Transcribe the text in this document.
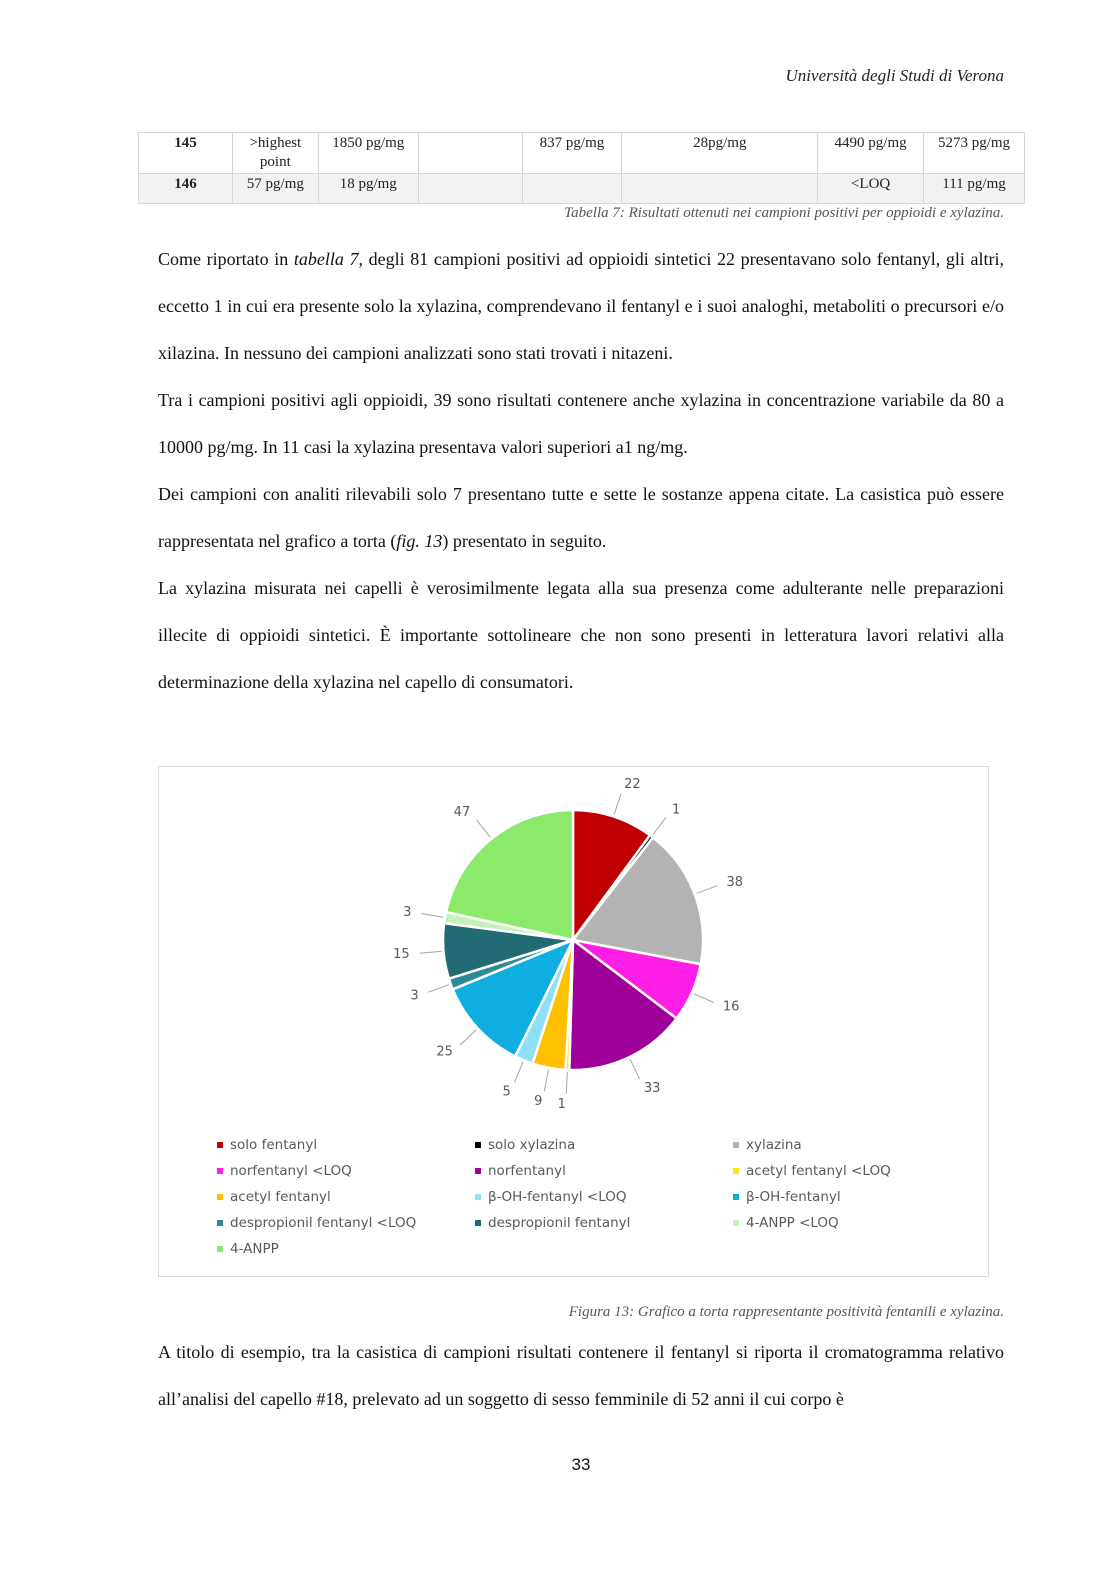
Università degli Studi di Verona
145	>highest point	1850 pg/mg		837 pg/mg	28pg/mg	4490 pg/mg	5273 pg/mg
146	57 pg/mg	18 pg/mg				<LOQ	111 pg/mg
Tabella 7: Risultati ottenuti nei campioni positivi per oppioidi e xylazina.

Come riportato in tabella 7, degli 81 campioni positivi ad oppioidi sintetici 22 presentavano solo fentanyl, gli altri, eccetto 1 in cui era presente solo la xylazina, comprendevano il fentanyl e i suoi analoghi, metaboliti o precursori e/o xilazina. In nessuno dei campioni analizzati sono stati trovati i nitazeni.

Tra i campioni positivi agli oppioidi, 39 sono risultati contenere anche xylazina in concentrazione variabile da 80 a 10000 pg/mg. In 11 casi la xylazina presentava valori superiori a1 ng/mg.

Dei campioni con analiti rilevabili solo 7 presentano tutte e sette le sostanze appena citate. La casistica può essere rappresentata nel grafico a torta (fig. 13) presentato in seguito.

La xylazina misurata nei capelli è verosimilmente legata alla sua presenza come adulterante nelle preparazioni illecite di oppioidi sintetici. È importante sottolineare che non sono presenti in letteratura lavori relativi alla determinazione della xylazina nel capello di consumatori.

22
1
38
16
33
1
9
5
25
3
15
3
47
solo fentanyl	solo xylazina	xylazina
norfentanyl <LOQ	norfentanyl	acetyl fentanyl <LOQ
acetyl fentanyl	β-OH-fentanyl <LOQ	β-OH-fentanyl
despropionil fentanyl <LOQ	despropionil fentanyl	4-ANPP <LOQ
4-ANPP
Figura 13: Grafico a torta rappresentante positività fentanili e xylazina.

A titolo di esempio, tra la casistica di campioni risultati contenere il fentanyl si riporta il cromatogramma relativo all’analisi del capello #18, prelevato ad un soggetto di sesso femminile di 52 anni il cui corpo è

33
